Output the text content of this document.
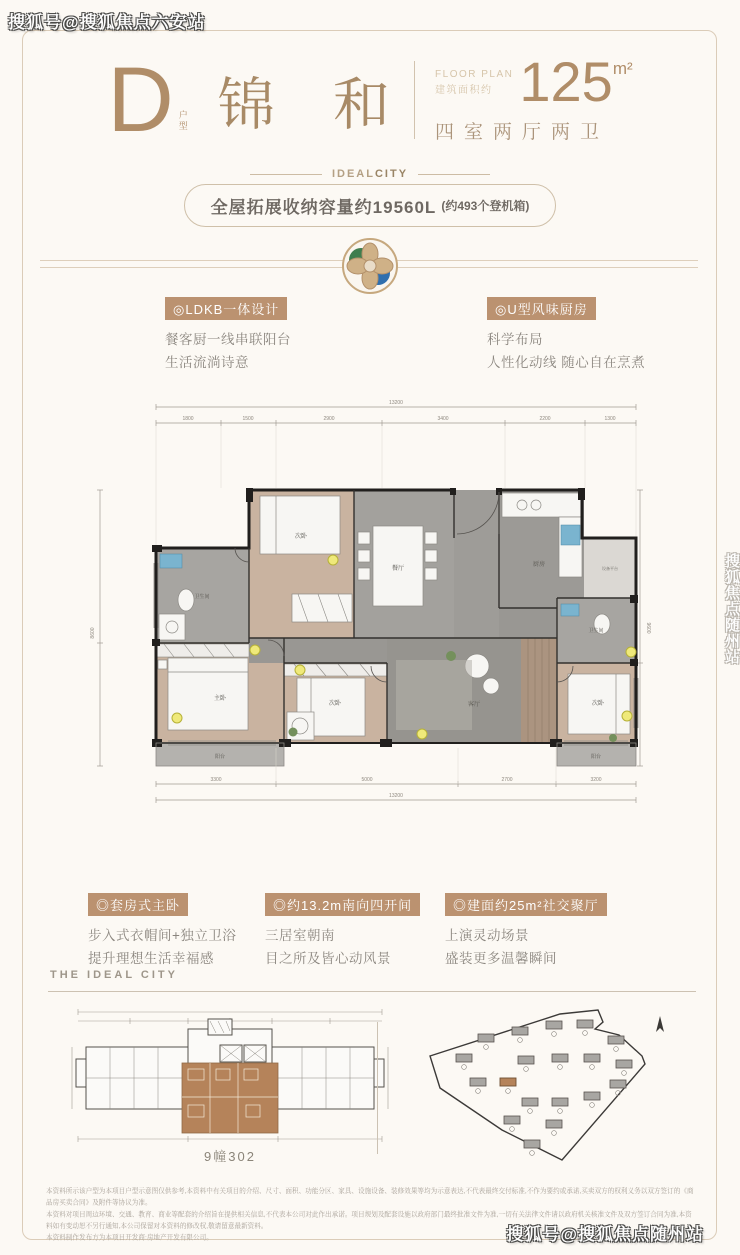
D 户型 锦 和 FLOOR PLAN
建筑面积约 125 m²
四室两厅两卫
IDEALCITY
全屋拓展收纳容量约19560L (约493个登机箱)
◎LDKB一体设计
餐客厨一线串联阳台
生活流淌诗意
◎U型风味厨房
科学布局
人性化动线 随心自在烹煮
13200
1800	1500	2900	3400	2200	1300
8600	9600
次卧
餐厅
厨房
设备平台
卫生间
主卧
次卧	客厅
卫生间
次卧
阳台	阳台
3300	5000	2700	3200
13200
◎套房式主卧
步入式衣帽间+独立卫浴
提升理想生活幸福感
◎约13.2m南向四开间
三居室朝南
目之所及皆心动风景
◎建面约25m²社交聚厅
上演灵动场景
盛装更多温馨瞬间
THE IDEAL CITY
9幢302
本资料所示该户型为本项目户型示意图仅供参考,本资料中有关项目的介绍、尺寸、面积、功能分区、家具、设施设备、装修效果等均为示意表达,不代表最终交付标准,不作为要约或承诺,买卖双方的权利义务以双方签订的《商品房买卖合同》及附件等协议为准。
本资料对项目周边环境、交通、教育、商业等配套的介绍旨在提供相关信息,不代表本公司对此作出承诺。项目规划及配套设施以政府部门最终批准文件为准,一切有关法律文件请以政府机关核准文件及双方签订合同为准,本资料如有变动恕不另行通知,本公司保留对本资料的修改权,敬请留意最新资料。
本资料制作发布方为本项目开发商:房地产开发有限公司。
搜狐号@搜狐焦点六安站
搜狐号@搜狐焦点随州站
搜狐焦点随州站
